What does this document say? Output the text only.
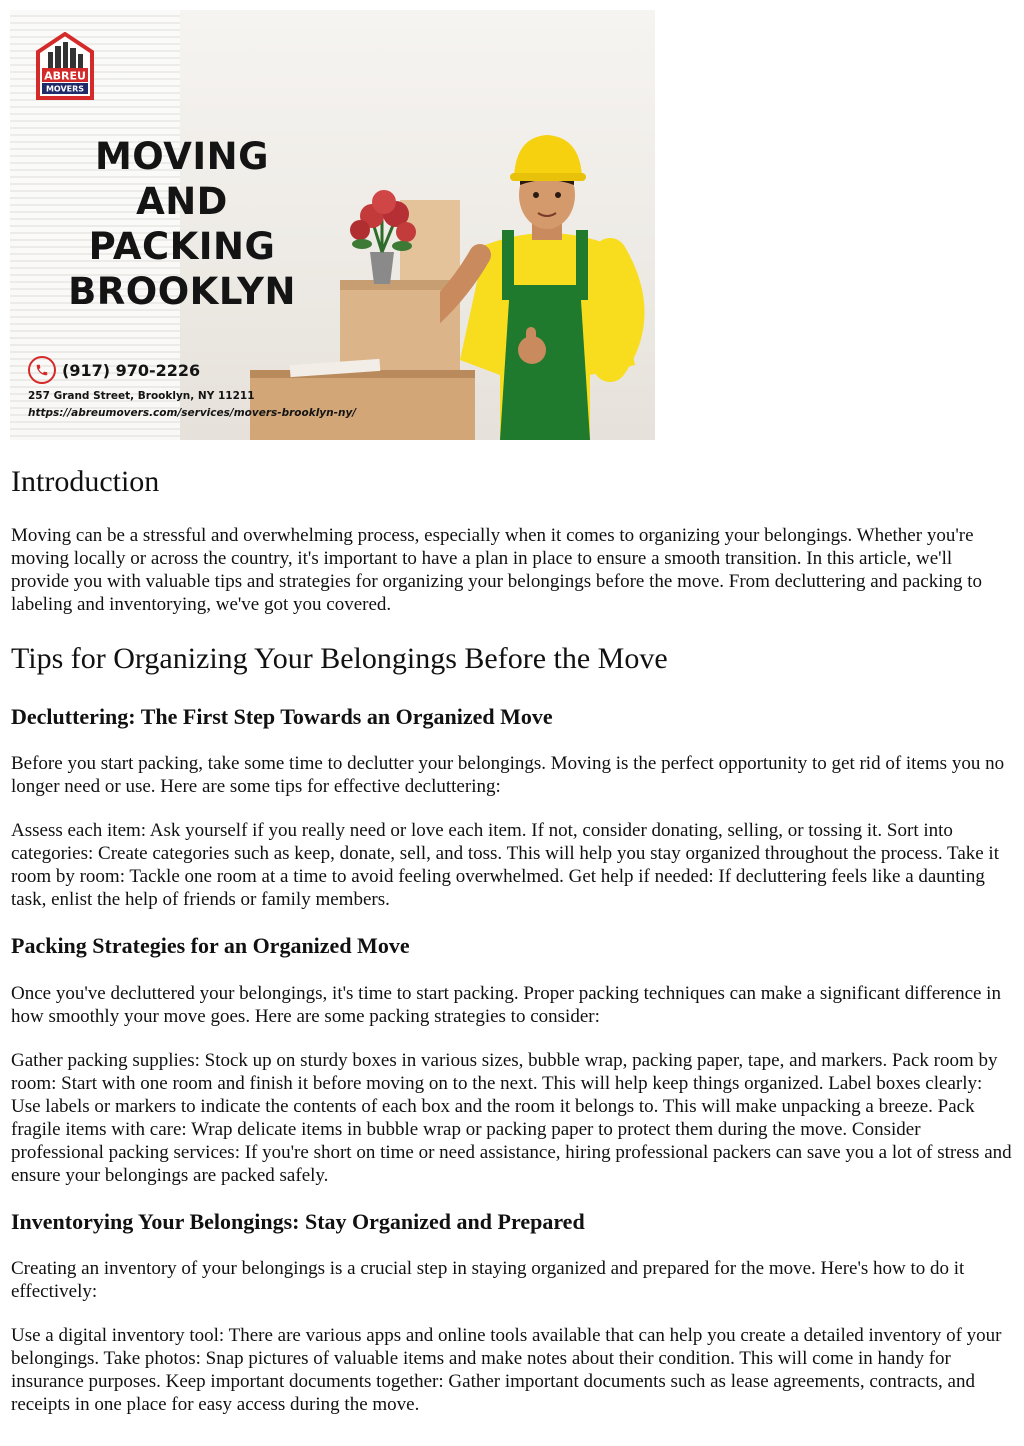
ABREU
MOVERS
MOVING
AND
PACKING
BROOKLYN
(917) 970-2226
257 Grand Street, Brooklyn, NY 11211
https://abreumovers.com/services/movers-brooklyn-ny/
Introduction

Moving can be a stressful and overwhelming process, especially when it comes to organizing your belongings. Whether you're moving locally or across the country, it's important to have a plan in place to ensure a smooth transition. In this article, we'll provide you with valuable tips and strategies for organizing your belongings before the move. From decluttering and packing to labeling and inventorying, we've got you covered.

Tips for Organizing Your Belongings Before the Move
Decluttering: The First Step Towards an Organized Move

Before you start packing, take some time to declutter your belongings. Moving is the perfect opportunity to get rid of items you no longer need or use. Here are some tips for effective decluttering:

Assess each item: Ask yourself if you really need or love each item. If not, consider donating, selling, or tossing it. Sort into categories: Create categories such as keep, donate, sell, and toss. This will help you stay organized throughout the process. Take it room by room: Tackle one room at a time to avoid feeling overwhelmed. Get help if needed: If decluttering feels like a daunting task, enlist the help of friends or family members.

Packing Strategies for an Organized Move

Once you've decluttered your belongings, it's time to start packing. Proper packing techniques can make a significant difference in how smoothly your move goes. Here are some packing strategies to consider:

Gather packing supplies: Stock up on sturdy boxes in various sizes, bubble wrap, packing paper, tape, and markers. Pack room by room: Start with one room and finish it before moving on to the next. This will help keep things organized. Label boxes clearly: Use labels or markers to indicate the contents of each box and the room it belongs to. This will make unpacking a breeze. Pack fragile items with care: Wrap delicate items in bubble wrap or packing paper to protect them during the move. Consider professional packing services: If you're short on time or need assistance, hiring professional packers can save you a lot of stress and ensure your belongings are packed safely.

Inventorying Your Belongings: Stay Organized and Prepared

Creating an inventory of your belongings is a crucial step in staying organized and prepared for the move. Here's how to do it effectively:

Use a digital inventory tool: There are various apps and online tools available that can help you create a detailed inventory of your belongings. Take photos: Snap pictures of valuable items and make notes about their condition. This will come in handy for insurance purposes. Keep important documents together: Gather important documents such as lease agreements, contracts, and receipts in one place for easy access during the move.
